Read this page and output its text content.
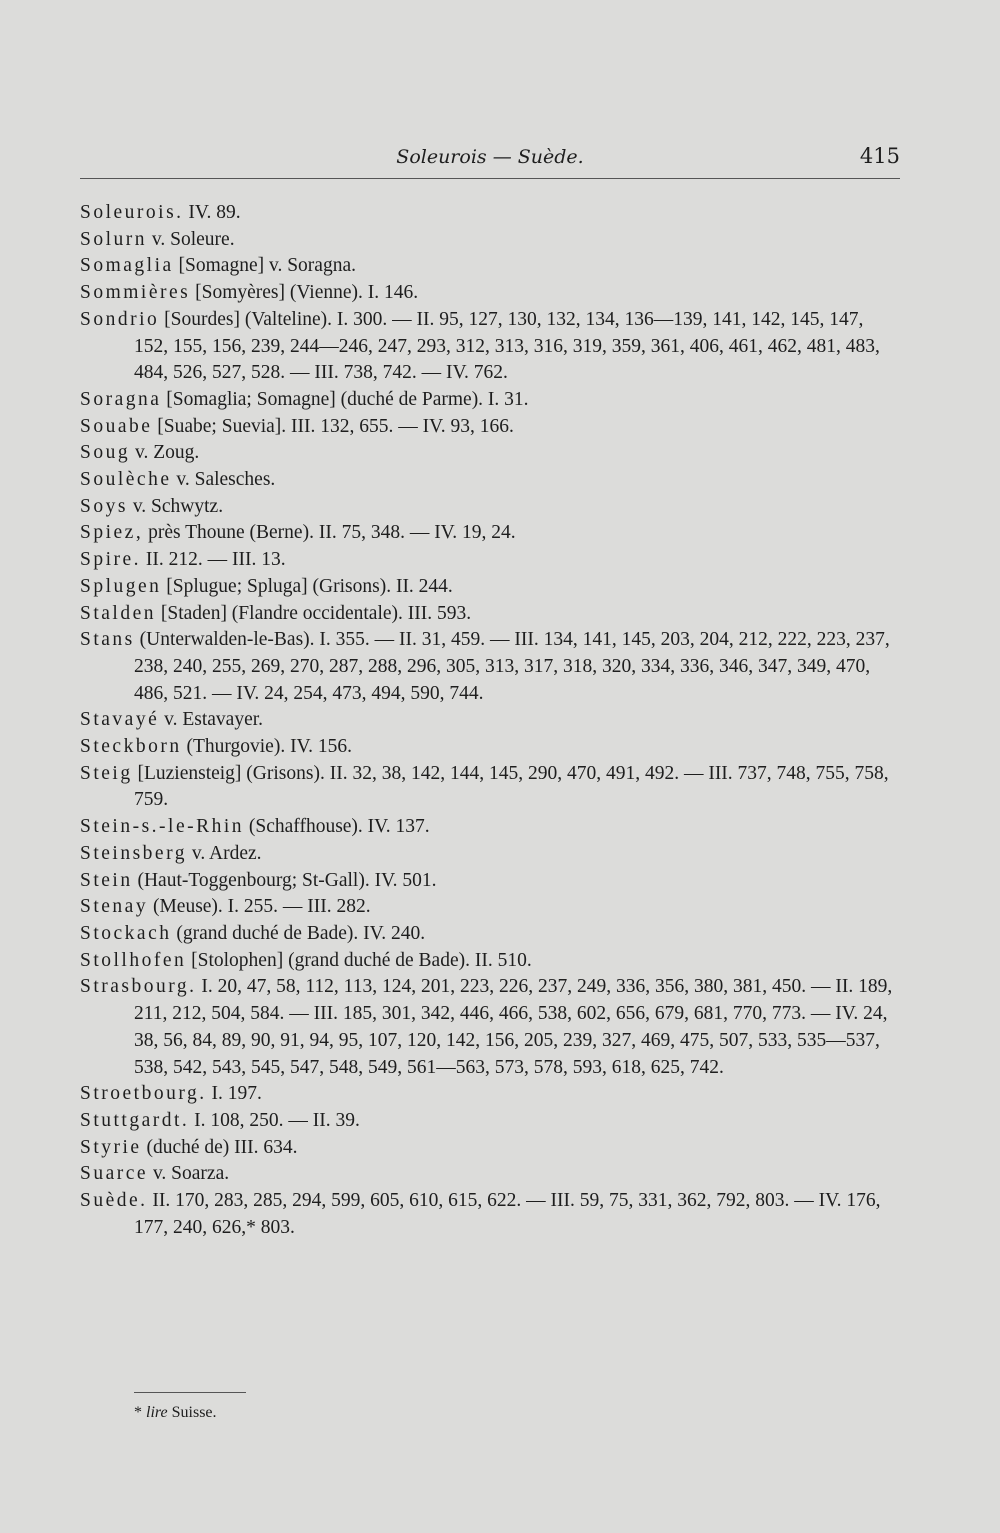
Soleurois — Suède.	415
Soleurois. IV. 89.
Solurn v. Soleure.
Somaglia [Somagne] v. Soragna.
Sommières [Somyères] (Vienne). I. 146.
Sondrio [Sourdes] (Valteline). I. 300. — II. 95, 127, 130, 132, 134, 136—139, 141, 142, 145, 147, 152, 155, 156, 239, 244—246, 247, 293, 312, 313, 316, 319, 359, 361, 406, 461, 462, 481, 483, 484, 526, 527, 528. — III. 738, 742. — IV. 762.
Soragna [Somaglia; Somagne] (duché de Parme). I. 31.
Souabe [Suabe; Suevia]. III. 132, 655. — IV. 93, 166.
Soug v. Zoug.
Soulèche v. Salesches.
Soys v. Schwytz.
Spiez, près Thoune (Berne). II. 75, 348. — IV. 19, 24.
Spire. II. 212. — III. 13.
Splugen [Splugue; Spluga] (Grisons). II. 244.
Stalden [Staden] (Flandre occidentale). III. 593.
Stans (Unterwalden-le-Bas). I. 355. — II. 31, 459. — III. 134, 141, 145, 203, 204, 212, 222, 223, 237, 238, 240, 255, 269, 270, 287, 288, 296, 305, 313, 317, 318, 320, 334, 336, 346, 347, 349, 470, 486, 521. — IV. 24, 254, 473, 494, 590, 744.
Stavayé v. Estavayer.
Steckborn (Thurgovie). IV. 156.
Steig [Luziensteig] (Grisons). II. 32, 38, 142, 144, 145, 290, 470, 491, 492. — III. 737, 748, 755, 758, 759.
Stein-s.-le-Rhin (Schaffhouse). IV. 137.
Steinsberg v. Ardez.
Stein (Haut-Toggenbourg; St-Gall). IV. 501.
Stenay (Meuse). I. 255. — III. 282.
Stockach (grand duché de Bade). IV. 240.
Stollhofen [Stolophen] (grand duché de Bade). II. 510.
Strasbourg. I. 20, 47, 58, 112, 113, 124, 201, 223, 226, 237, 249, 336, 356, 380, 381, 450. — II. 189, 211, 212, 504, 584. — III. 185, 301, 342, 446, 466, 538, 602, 656, 679, 681, 770, 773. — IV. 24, 38, 56, 84, 89, 90, 91, 94, 95, 107, 120, 142, 156, 205, 239, 327, 469, 475, 507, 533, 535—537, 538, 542, 543, 545, 547, 548, 549, 561—563, 573, 578, 593, 618, 625, 742.
Stroetbourg. I. 197.
Stuttgardt. I. 108, 250. — II. 39.
Styrie (duché de) III. 634.
Suarce v. Soarza.
Suède. II. 170, 283, 285, 294, 599, 605, 610, 615, 622. — III. 59, 75, 331, 362, 792, 803. — IV. 176, 177, 240, 626,* 803.
* lire Suisse.
